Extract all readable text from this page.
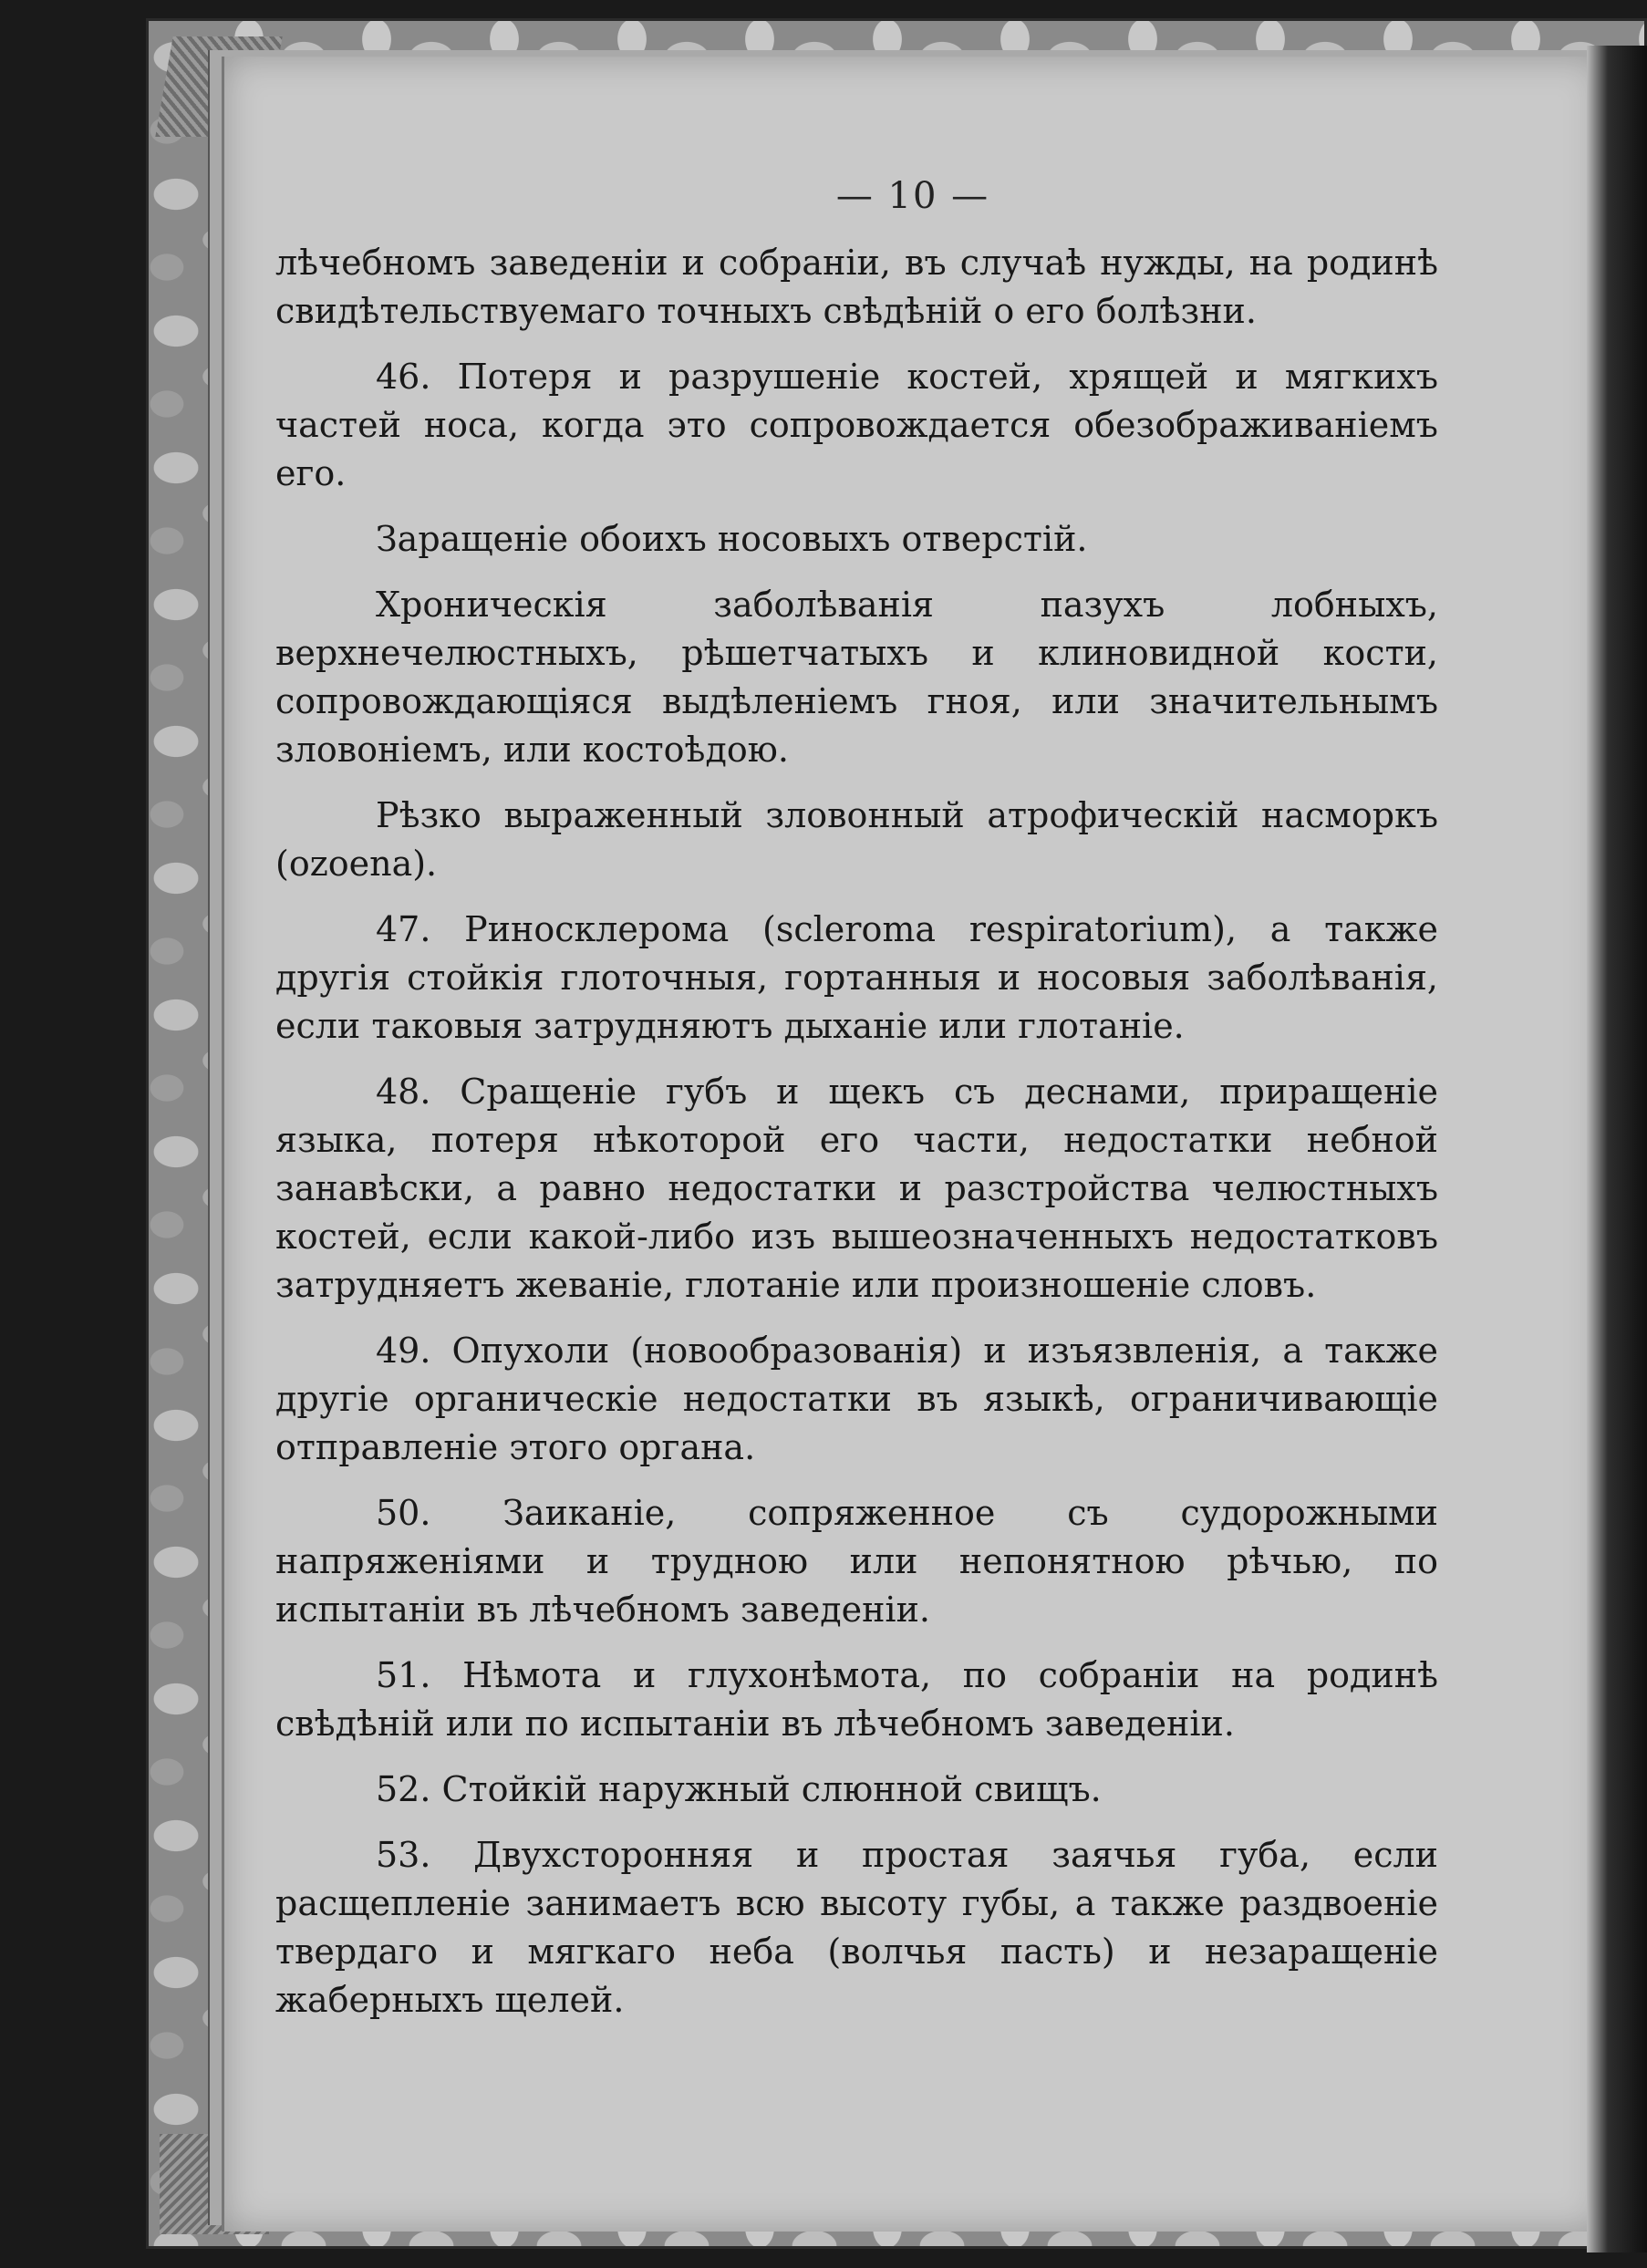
— 10 —

лѣчебномъ заведенiи и собранiи, въ случаѣ нужды, на родинѣ свидѣтельствуемаго точныхъ свѣдѣнiй о его болѣзни.

46. Потеря и разрушенiе костей, хрящей и мягкихъ частей носа, когда это сопровождается обезображиванiемъ его.

Заращенiе обоихъ носовыхъ отверстiй.

Хроническiя заболѣванiя пазухъ лобныхъ, верхнечелюстныхъ, рѣшетчатыхъ и клиновидной кости, сопровождающiяся выдѣленiемъ гноя, или значительнымъ зловонiемъ, или костоѣдою.

Рѣзко выраженный зловонный атрофическiй насморкъ (ozoena).

47. Риносклерома (scleroma respiratorium), а также другiя стойкiя глоточныя, гортанныя и носовыя заболѣванiя, если таковыя затрудняютъ дыханiе или глотанiе.

48. Сращенiе губъ и щекъ съ деснами, приращенiе языка, потеря нѣкоторой его части, недостатки небной занавѣски, а равно недостатки и разстройства челюстныхъ костей, если какой-либо изъ вышеозначенныхъ недостатковъ затрудняетъ жеванiе, глотанiе или произношенiе словъ.

49. Опухоли (новообразованiя) и изъязвленiя, а также другiе органическiе недостатки въ языкѣ, ограничивающiе отправленiе этого органа.

50. Заиканiе, сопряженное съ судорожными напряженiями и трудною или непонятною рѣчью, по испытанiи въ лѣчебномъ заведенiи.

51. Нѣмота и глухонѣмота, по собранiи на родинѣ свѣдѣнiй или по испытанiи въ лѣчебномъ заведенiи.

52. Стойкiй наружный слюнной свищъ.

53. Двухсторонняя и простая заячья губа, если расщепленiе занимаетъ всю высоту губы, а также раздвоенiе твердаго и мягкаго неба (волчья пасть) и незаращенiе жаберныхъ щелей.
